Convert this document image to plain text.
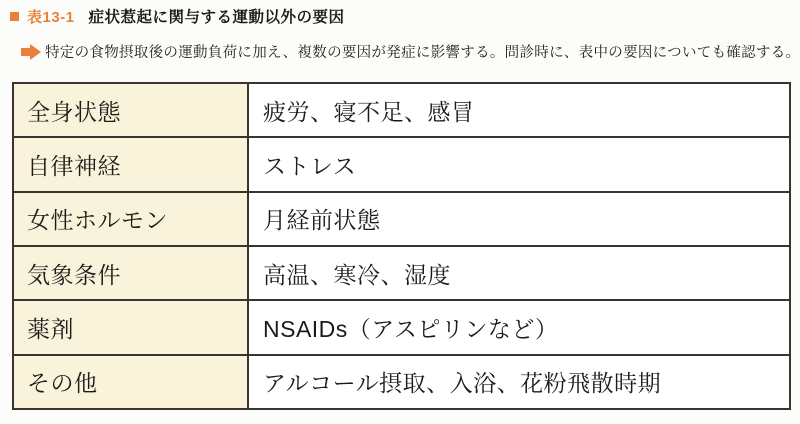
表13-1 症状惹起に関与する運動以外の要因
特定の食物摂取後の運動負荷に加え、複数の要因が発症に影響する。問診時に、表中の要因についても確認する。
全身状態	疲労、寝不足、感冒
自律神経	ストレス
女性ホルモン	月経前状態
気象条件	高温、寒冷、湿度
薬剤	NSAIDs（アスピリンなど）
その他	アルコール摂取、入浴、花粉飛散時期
